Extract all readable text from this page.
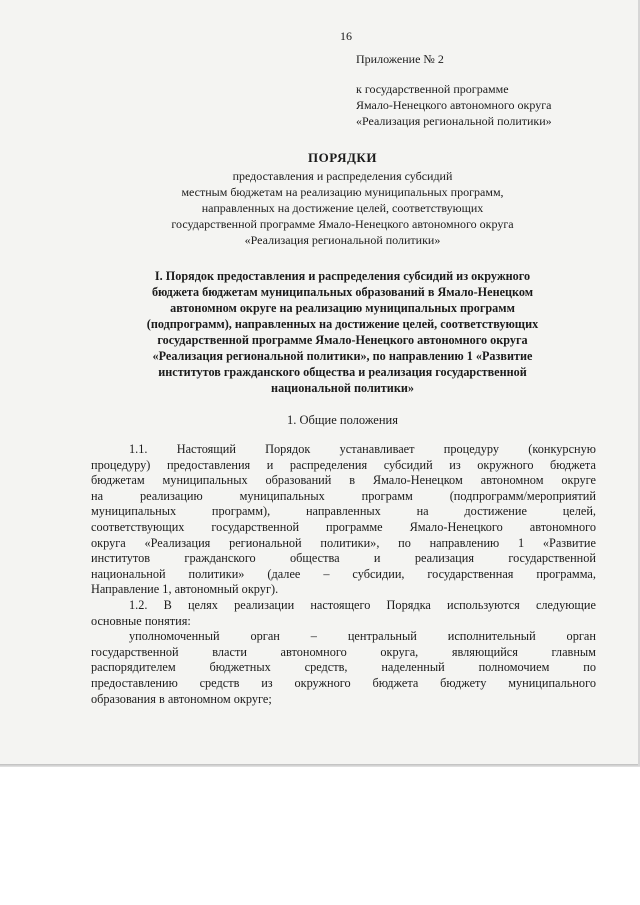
16
Приложение № 2
к государственной программе
Ямало-Ненецкого автономного округа
«Реализация региональной политики»
ПОРЯДКИ
предоставления и распределения субсидий
местным бюджетам на реализацию муниципальных программ,
направленных на достижение целей, соответствующих
государственной программе Ямало-Ненецкого автономного округа
«Реализация региональной политики»
I. Порядок предоставления и распределения субсидий из окружного
бюджета бюджетам муниципальных образований в Ямало-Ненецком
автономном округе на реализацию муниципальных программ
(подпрограмм), направленных на достижение целей, соответствующих
государственной программе Ямало-Ненецкого автономного округа
«Реализация региональной политики», по направлению 1 «Развитие
институтов гражданского общества и реализация государственной
национальной политики»
1. Общие положения
1.1. Настоящий Порядок устанавливает процедуру (конкурсную
процедуру) предоставления и распределения субсидий из окружного бюджета
бюджетам муниципальных образований в Ямало-Ненецком автономном округе
на	реализацию	муниципальных	программ	(подпрограмм/мероприятий
муниципальных	программ),	направленных	на	достижение	целей,
соответствующих государственной программе Ямало-Ненецкого автономного
округа «Реализация региональной политики», по направлению 1 «Развитие
институтов	гражданского	общества	и	реализация	государственной
национальной политики» (далее – субсидии, государственная программа,
Направление 1, автономный округ).
1.2. В целях реализации настоящего Порядка используются следующие
основные понятия:
уполномоченный	орган	–	центральный	исполнительный	орган
государственной	власти	автономного	округа,	являющийся	главным
распорядителем	бюджетных	средств,	наделенный	полномочием	по
предоставлению средств из окружного бюджета бюджету муниципального
образования в автономном округе;
